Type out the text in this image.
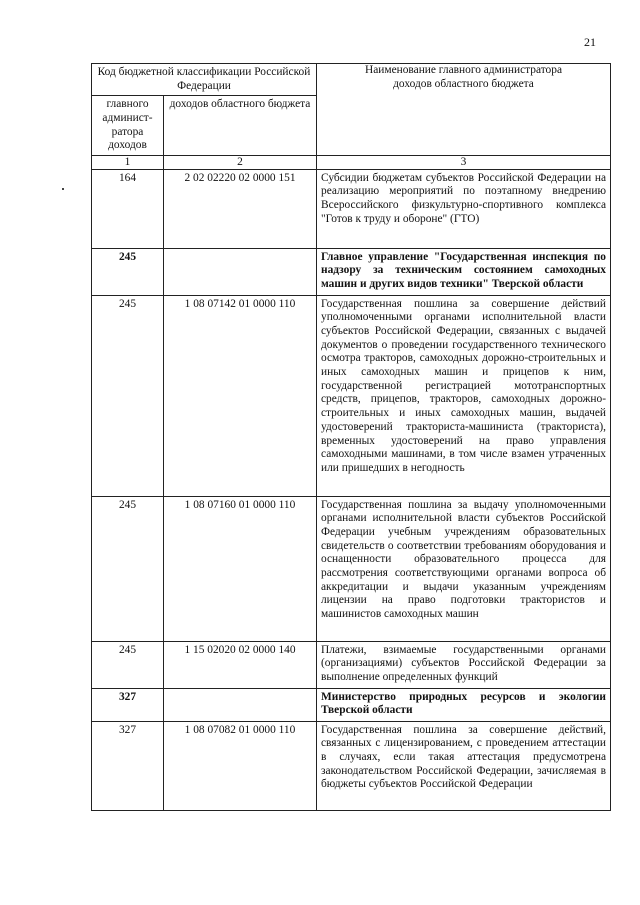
21
Код бюджетной классификации Российской Федерации		Наименование главного администратора доходов областного бюджета
главного админист-ратора доходов	доходов областного бюджета	
1	2	3
164	2 02 02220 02 0000 151	Субсидии бюджетам субъектов Российской Федерации на реализацию мероприятий по поэтапному внедрению Всероссийского физкультурно-спортивного комплекса "Готов к труду и обороне" (ГТО)
245		Главное управление "Государственная инспекция по надзору за техническим состоянием самоходных машин и других видов техники" Тверской области
245	1 08 07142 01 0000 110	Государственная пошлина за совершение действий уполномоченными органами исполнительной власти субъектов Российской Федерации, связанных с выдачей документов о проведении государственного технического осмотра тракторов, самоходных дорожно-строительных и иных самоходных машин и прицепов к ним, государственной регистрацией мототранспортных средств, прицепов, тракторов, самоходных дорожно-строительных и иных самоходных машин, выдачей удостоверений тракториста-машиниста (тракториста), временных удостоверений на право управления самоходными машинами, в том числе взамен утраченных или пришедших в негодность
245	1 08 07160 01 0000 110	Государственная пошлина за выдачу уполномоченными органами исполнительной власти субъектов Российской Федерации учебным учреждениям образовательных свидетельств о соответствии требованиям оборудования и оснащенности образовательного процесса для рассмотрения соответствующими органами вопроса об аккредитации и выдачи указанным учреждениям лицензии на право подготовки трактористов и машинистов самоходных машин
245	1 15 02020 02 0000 140	Платежи, взимаемые государственными органами (организациями) субъектов Российской Федерации за выполнение определенных функций
327		Министерство природных ресурсов и экологии Тверской области
327	1 08 07082 01 0000 110	Государственная пошлина за совершение действий, связанных с лицензированием, с проведением аттестации в случаях, если такая аттестация предусмотрена законодательством Российской Федерации, зачисляемая в бюджеты субъектов Российской Федерации
